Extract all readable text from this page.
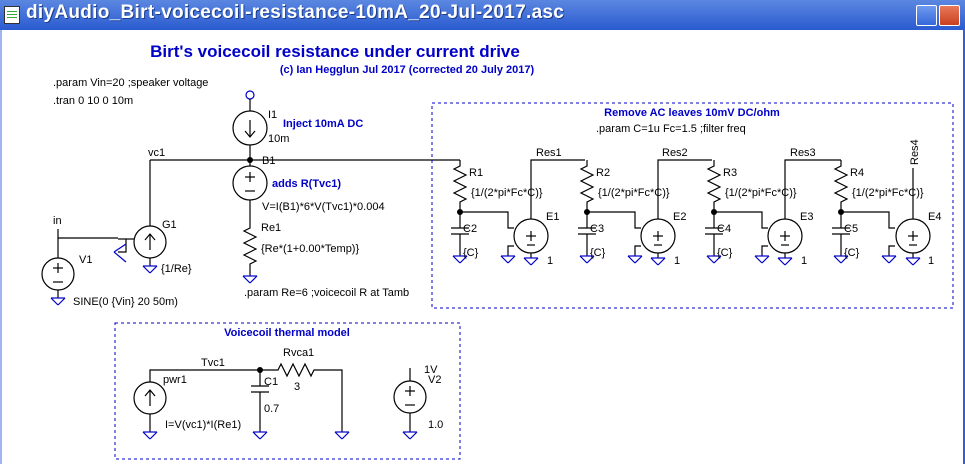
diyAudio_Birt-voicecoil-resistance-10mA_20-Jul-2017.asc
Birt's voicecoil resistance under current drive
(c) Ian Hegglun Jul 2017 (corrected 20 July 2017)
.param Vin=20 ;speaker voltage
.tran 0 10 0 10m
vc1
I1
Inject 10mA DC
10m
B1
adds R(Tvc1)
V=I(B1)*6*V(Tvc1)*0.004
Re1
{Re*(1+0.00*Temp)}
.param Re=6 ;voicecoil R at Tamb
G1
{1/Re}
in
V1
SINE(0 {Vin} 20 50m)
Remove AC leaves 10mV DC/ohm
.param C=1u Fc=1.5 ;filter freq
R1
{1/(2*pi*Fc*C)}
C2
{C}
E1
1
R2
{1/(2*pi*Fc*C)}
C3
{C}
E2
1
R3
{1/(2*pi*Fc*C)}
C4
{C}
E3
1
R4
{1/(2*pi*Fc*C)}
C5
{C}
E4
1
Res1	Res2	Res3	Res4
Voicecoil thermal model
Tvc1
pwr1
I=V(vc1)*I(Re1)
C1
0.7
Rvca1
3
1V
V2
1.0
